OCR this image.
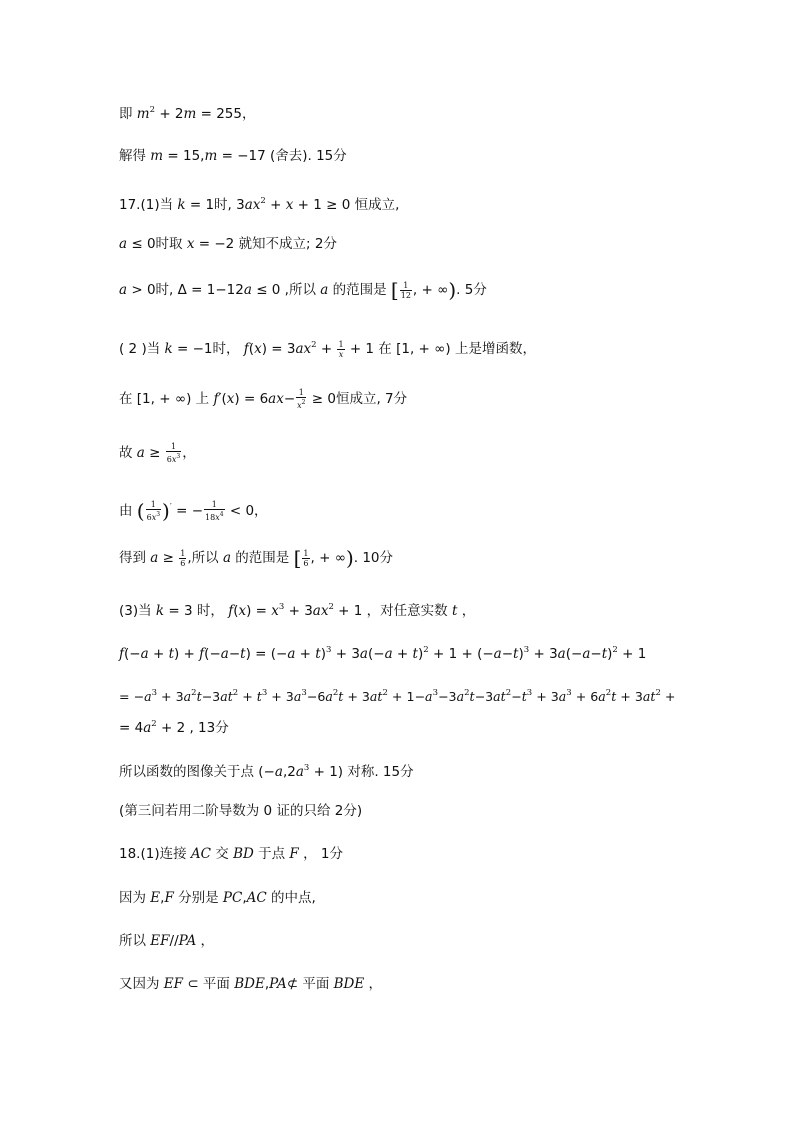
即 $m^2 + 2m = 255$，
解得 m = 15,m = −17 (舍去). 15分
17.(1)当 k = 1时, $3ax^2 + x + 1 \ge 0$ 恒成立,
a ≤ 0时取 x = −2 就知不成立; 2分
a > 0时, Δ = 1−12a ≤ 0 ,所以 a 的范围是 [ $\frac{1}{12}$ , + ∞). 5分
( 2 )当 k = −1时， $f(x) = 3ax^2 + \frac{1}{x} + 1$ 在 [1, + ∞) 上是增函数，
在 [1, + ∞) 上 $f'(x) = 6ax- \frac{1}{x^2} \ge 0$恒成立, 7分
故 $a \ge \frac{1}{6x^3}$ ，
由 ( $\frac{1}{6x^3} )'$ = − $\frac{1}{18x^4} < 0$，
得到 $a \ge \frac{1}{6}$ ,所以 a 的范围是 [ $\frac{1}{6}$ , + ∞). 10分
(3)当 k = 3 时， $f(x) = x^3 + 3ax^2 + 1$ ，对任意实数 t ，
$f(-a + t) + f(-a-t) = (-a + t)^3 + 3a(-a + t)^2 + 1 + (-a-t)^3 + 3a(-a-t)^2 + 1$
= $-a^3 + 3a^2t-3at^2 + t^3 + 3a^3-6a^2t + 3at^2 + 1-a^3-3a^2t-3at^2-t^3 + 3a^3 + 6a^2t + 3at^2$ +
= $4a^2 + 2$ , 13分
所以函数的图像关于点 $(-a,2a^3 + 1)$ 对称. 15分
(第三问若用二阶导数为 0 证的只给 2分)
18.(1)连接 AC 交 BD 于点 F ， 1分
因为 E,F 分别是 PC,AC 的中点,
所以 EF//PA ，
又因为 EF ⊂ 平面 BDE,PA⊄ 平面 BDE ，
